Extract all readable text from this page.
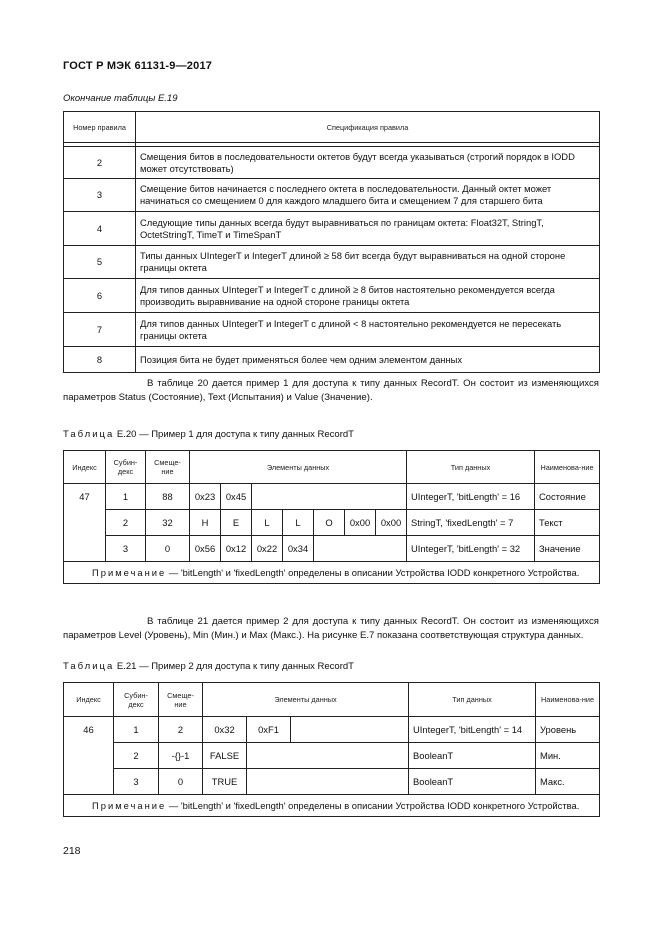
ГОСТ Р МЭК 61131-9—2017
Окончание таблицы E.19
Номер правила	Спецификация правила

2	Смещения битов в последовательности октетов будут всегда указываться (строгий порядок в IODD может отсутствовать)
3	Смещение битов начинается с последнего октета в последовательности. Данный октет может начинаться со смещением 0 для каждого младшего бита и смещением 7 для старшего бита
4	Следующие типы данных всегда будут выравниваться по границам октета: Float32T, StringT, OctetStringT, TimeT и TimeSpanT
5	Типы данных UIntegerT и IntegerT длиной ≥ 58 бит всегда будут выравниваться на одной стороне границы октета
6	Для типов данных UIntegerT и IntegerT с длиной ≥ 8 битов настоятельно рекомендуется всегда производить выравнивание на одной стороне границы октета
7	Для типов данных UIntegerT и IntegerT с длиной < 8 настоятельно рекомендуется не пересекать границы октета
8	Позиция бита не будет применяться более чем одним элементом данных

В таблице 20 дается пример 1 для доступа к типу данных RecordT. Он состоит из изменяющихся параметров Status (Состояние), Text (Испытания) и Value (Значение).

Таблица E.20 — Пример 1 для доступа к типу данных RecordT
Индекс	Субин-декс	Смеще-ние	Элементы данных							Тип данных	Наименова-ние
47	1	88	0x23	0x45						UIntegerT, 'bitLength' = 16	Состояние
	2	32	H	E	L	L	O	0x00	0x00	StringT, 'fixedLength' = 7	Текст
	3	0	0x56	0x12	0x22	0x34				UIntegerT, 'bitLength' = 32	Значение
Примечание — 'bitLength' и 'fixedLength' определены в описании Устройства IODD конкретного Устройства.											

В таблице 21 дается пример 2 для доступа к типу данных RecordT. Он состоит из изменяющихся параметров Level (Уровень), Min (Мин.) и Max (Макс.). На рисунке E.7 показана соответствующая структура данных.

Таблица E.21 — Пример 2 для доступа к типу данных RecordT
Индекс	Субин-декс	Смеще-ние	Элементы данных			Тип данных	Наименова-ние
46	1	2	0x32	0xF1		UIntegerT, 'bitLength' = 14	Уровень
	2	-{}-1	FALSE			BooleanT	Мин.
	3	0	TRUE			BooleanT	Макс.
Примечание — 'bitLength' и 'fixedLength' определены в описании Устройства IODD конкретного Устройства.							
218
